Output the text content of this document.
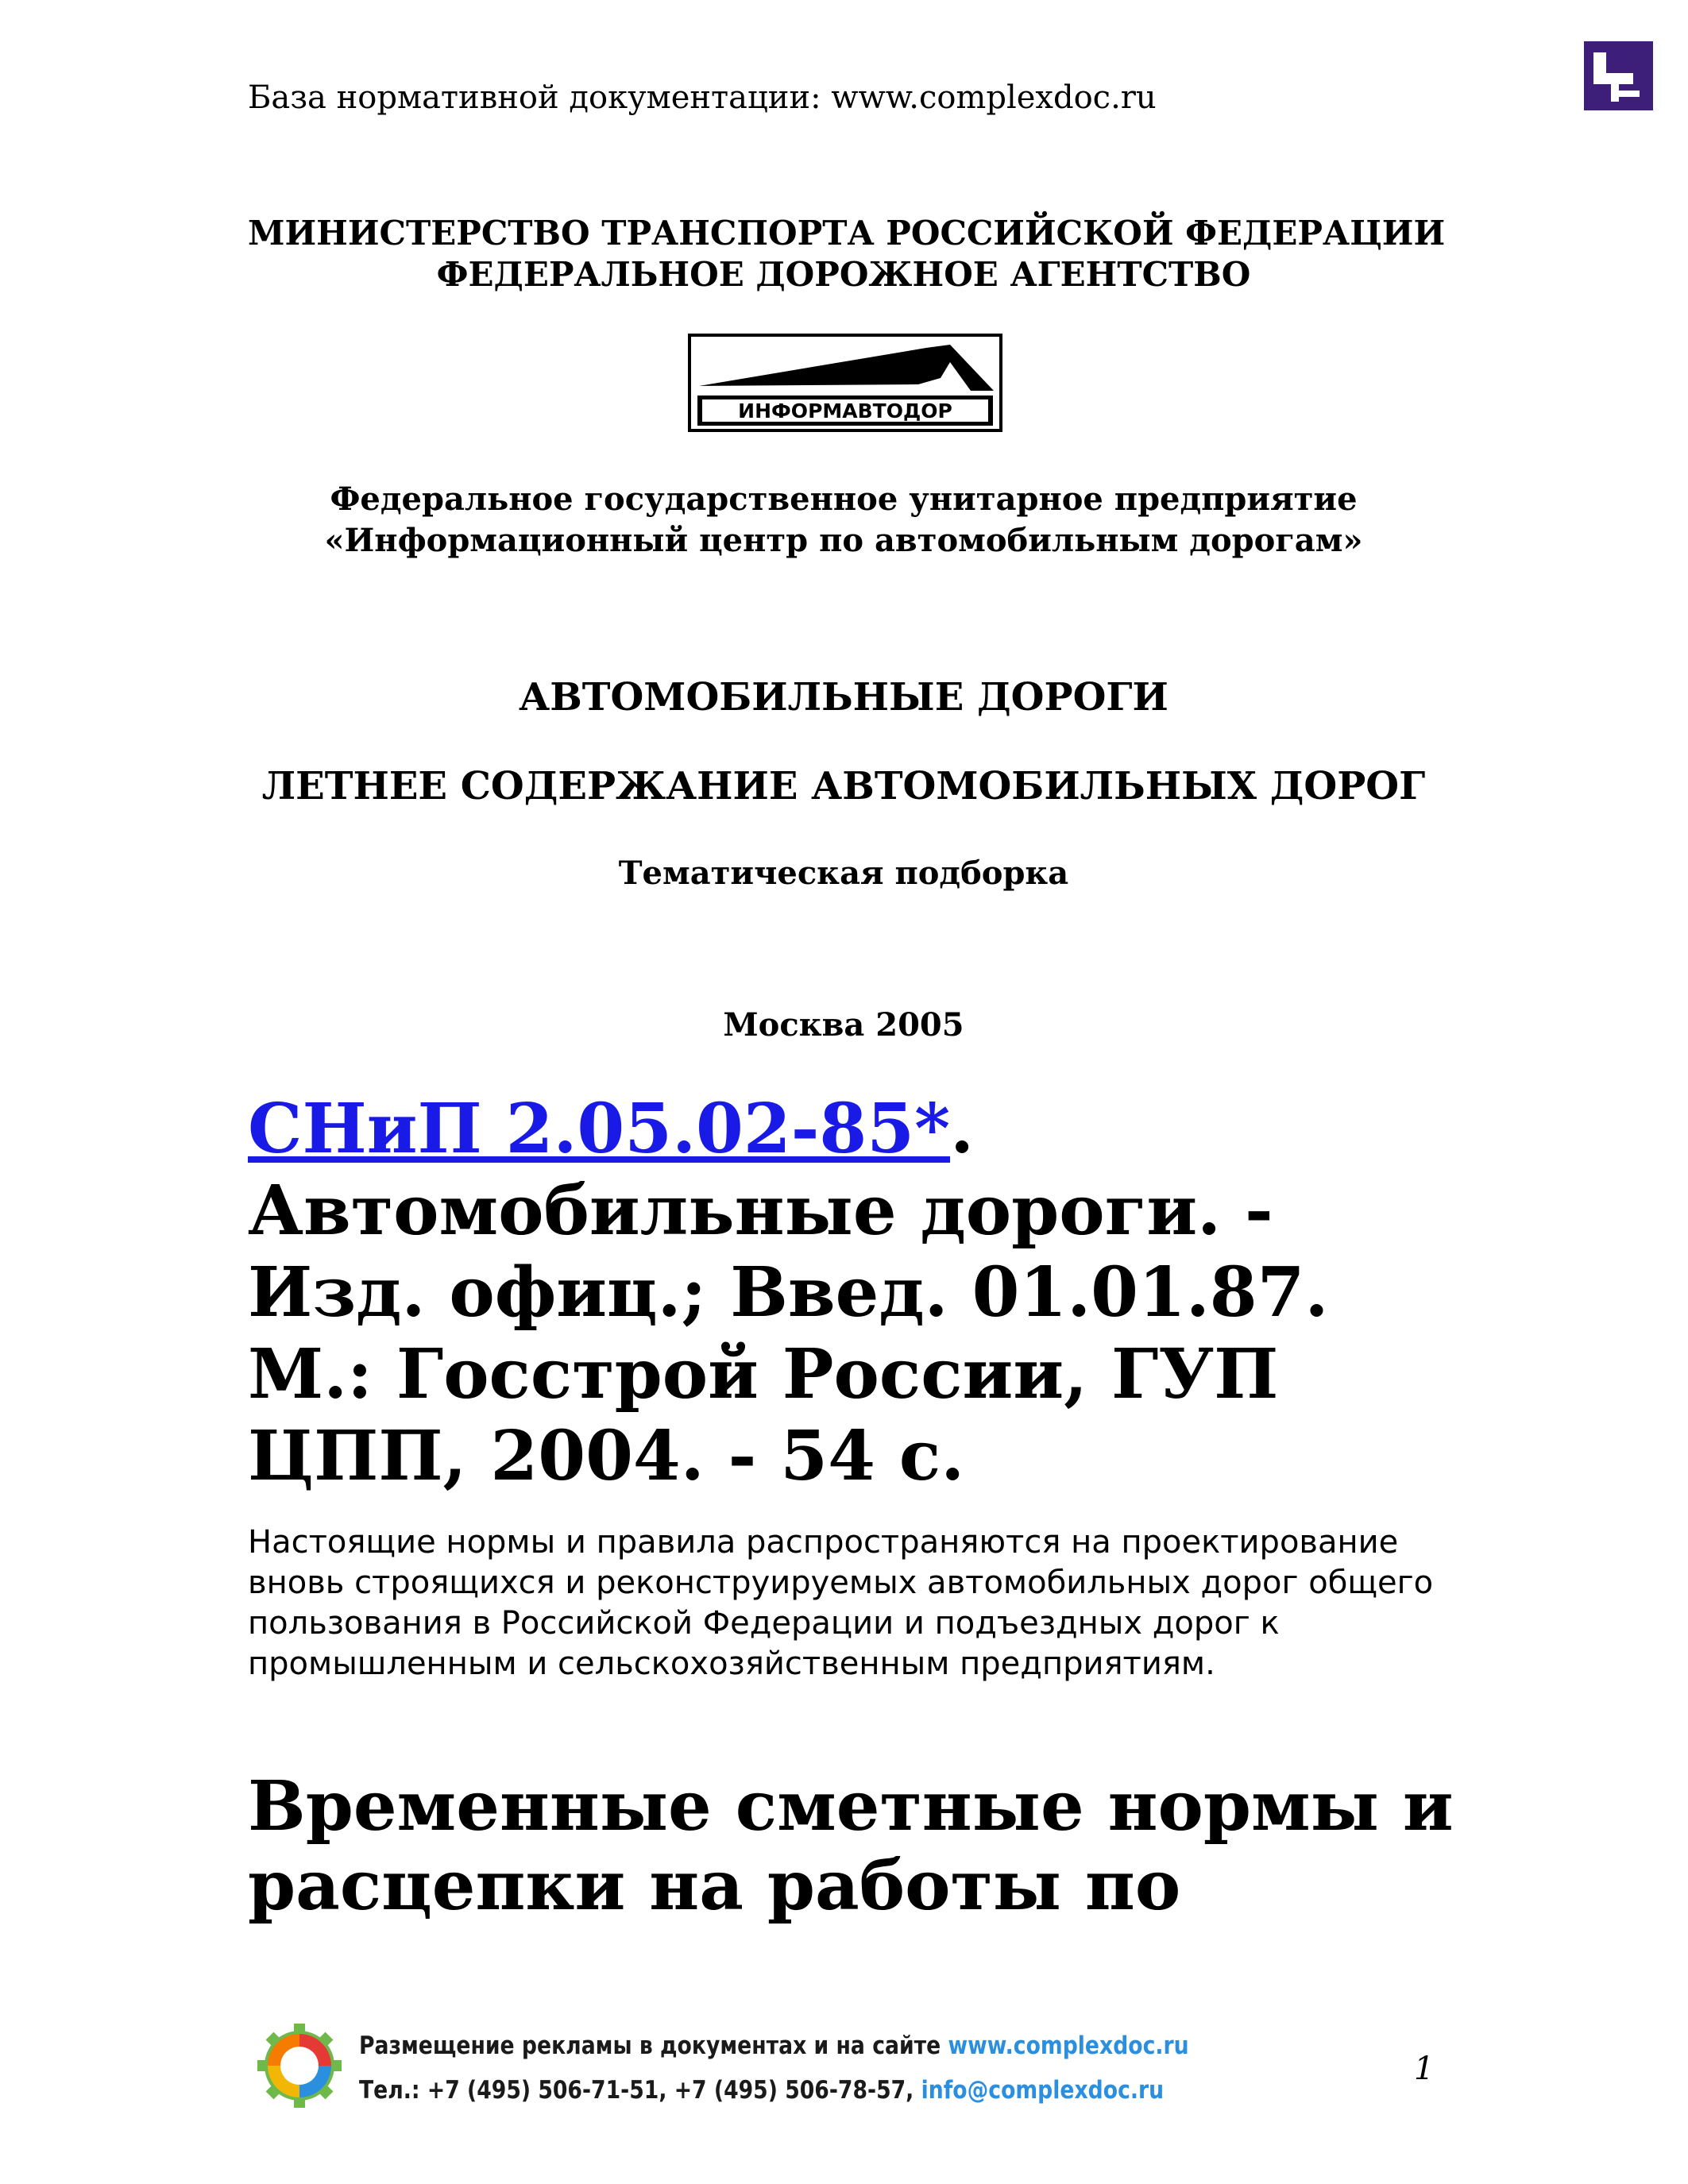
База нормативной документации: www.complexdoc.ru
МИНИСТЕРСТВО ТРАНСПОРТА РОССИЙСКОЙ ФЕДЕРАЦИИ
ФЕДЕРАЛЬНОЕ ДОРОЖНОЕ АГЕНТСТВО
ИНФОРМАВТОДОР
Федеральное государственное унитарное предприятие
«Информационный центр по автомобильным дорогам»
АВТОМОБИЛЬНЫЕ ДОРОГИ
ЛЕТНЕЕ СОДЕРЖАНИЕ АВТОМОБИЛЬНЫХ ДОРОГ
Тематическая подборка
Москва 2005
СНиП 2.05.02-85*.
Автомобильные дороги. - Изд. офиц.; Введ. 01.01.87. М.: Госстрой России, ГУП ЦПП, 2004. - 54 с.
Настоящие нормы и правила распространяются на проектирование вновь строящихся и реконструируемых автомобильных дорог общего пользования в Российской Федерации и подъездных дорог к промышленным и сельскохозяйственным предприятиям.
Временные сметные нормы и расцепки на работы по
Размещение рекламы в документах и на сайте www.complexdoc.ru
Тел.: +7 (495) 506-71-51, +7 (495) 506-78-57, info@complexdoc.ru
1
